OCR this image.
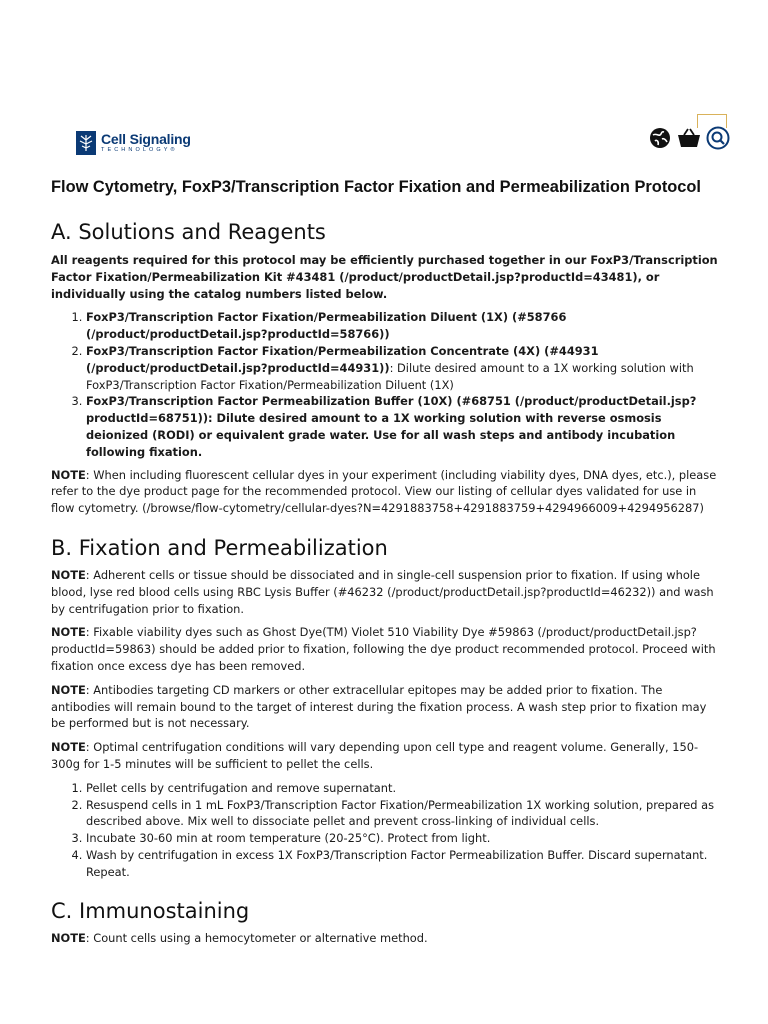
Cell Signaling
TECHNOLOGY®
Flow Cytometry, FoxP3/Transcription Factor Fixation and Permeabilization Protocol
A. Solutions and Reagents

All reagents required for this protocol may be efficiently purchased together in our FoxP3/Transcription Factor Fixation/Permeabilization Kit #43481 (/product/productDetail.jsp?productId=43481), or individually using the catalog numbers listed below.

1. FoxP3/Transcription Factor Fixation/Permeabilization Diluent (1X) (#58766 (/product/productDetail.jsp?productId=58766))
2. FoxP3/Transcription Factor Fixation/Permeabilization Concentrate (4X) (#44931 (/product/productDetail.jsp?productId=44931)): Dilute desired amount to a 1X working solution with FoxP3/Transcription Factor Fixation/Permeabilization Diluent (1X)
3. FoxP3/Transcription Factor Permeabilization Buffer (10X) (#68751 (/product/productDetail.jsp?productId=68751)): Dilute desired amount to a 1X working solution with reverse osmosis deionized (RODI) or equivalent grade water. Use for all wash steps and antibody incubation following fixation.

NOTE: When including fluorescent cellular dyes in your experiment (including viability dyes, DNA dyes, etc.), please refer to the dye product page for the recommended protocol. View our listing of cellular dyes validated for use in flow cytometry. (/browse/flow-cytometry/cellular-dyes?N=4291883758+4291883759+4294966009+4294956287)

B. Fixation and Permeabilization

NOTE: Adherent cells or tissue should be dissociated and in single-cell suspension prior to fixation. If using whole blood, lyse red blood cells using RBC Lysis Buffer (#46232 (/product/productDetail.jsp?productId=46232)) and wash by centrifugation prior to fixation.

NOTE: Fixable viability dyes such as Ghost Dye(TM) Violet 510 Viability Dye #59863 (/product/productDetail.jsp?productId=59863) should be added prior to fixation, following the dye product recommended protocol. Proceed with fixation once excess dye has been removed.

NOTE: Antibodies targeting CD markers or other extracellular epitopes may be added prior to fixation. The antibodies will remain bound to the target of interest during the fixation process. A wash step prior to fixation may be performed but is not necessary.

NOTE: Optimal centrifugation conditions will vary depending upon cell type and reagent volume. Generally, 150-300g for 1-5 minutes will be sufficient to pellet the cells.

1. Pellet cells by centrifugation and remove supernatant.
2. Resuspend cells in 1 mL FoxP3/Transcription Factor Fixation/Permeabilization 1X working solution, prepared as described above. Mix well to dissociate pellet and prevent cross-linking of individual cells.
3. Incubate 30-60 min at room temperature (20-25°C). Protect from light.
4. Wash by centrifugation in excess 1X FoxP3/Transcription Factor Permeabilization Buffer. Discard supernatant. Repeat.
C. Immunostaining

NOTE: Count cells using a hemocytometer or alternative method.
